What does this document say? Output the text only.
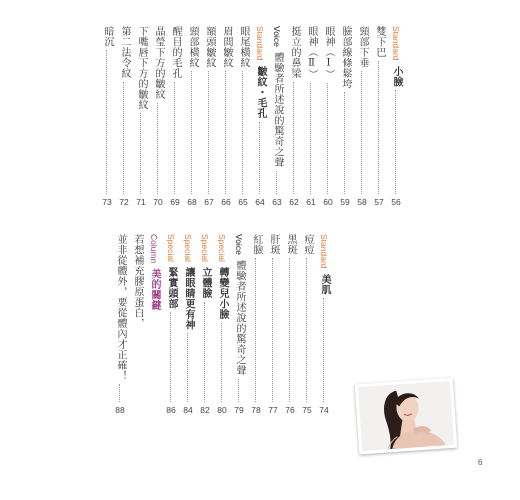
Standard 小臉
56
雙下巴
57
頸部下垂
58
臉部線條鬆垮
59
眼神（Ⅰ）
60
眼神（Ⅱ）
61
挺立的鼻梁
62
Voice 體驗者所述說的驚奇之聲
63
Standard 皺紋・毛孔
64
眼尾橫紋
65
眉間皺紋
66
額頭皺紋
67
頸部橫紋
68
醒目的毛孔
69
晶瑩下方的皺紋
70
下嘴唇下方的皺紋
71
第二法令紋
72
暗沉
73
Standard 美肌
74
痘痘
75
黑斑
76
肝斑
77
紅臉
78
Voice 體驗者所述說的驚奇之聲
79
Special 轉變兒小臉
80
Special 立體臉
82
Special 讓眼睛更有神
84
Special 緊實頭部
86
Column 美的關鍵
若想補充膠原蛋白，
並非從體外，要從體內才正確！
88
6
